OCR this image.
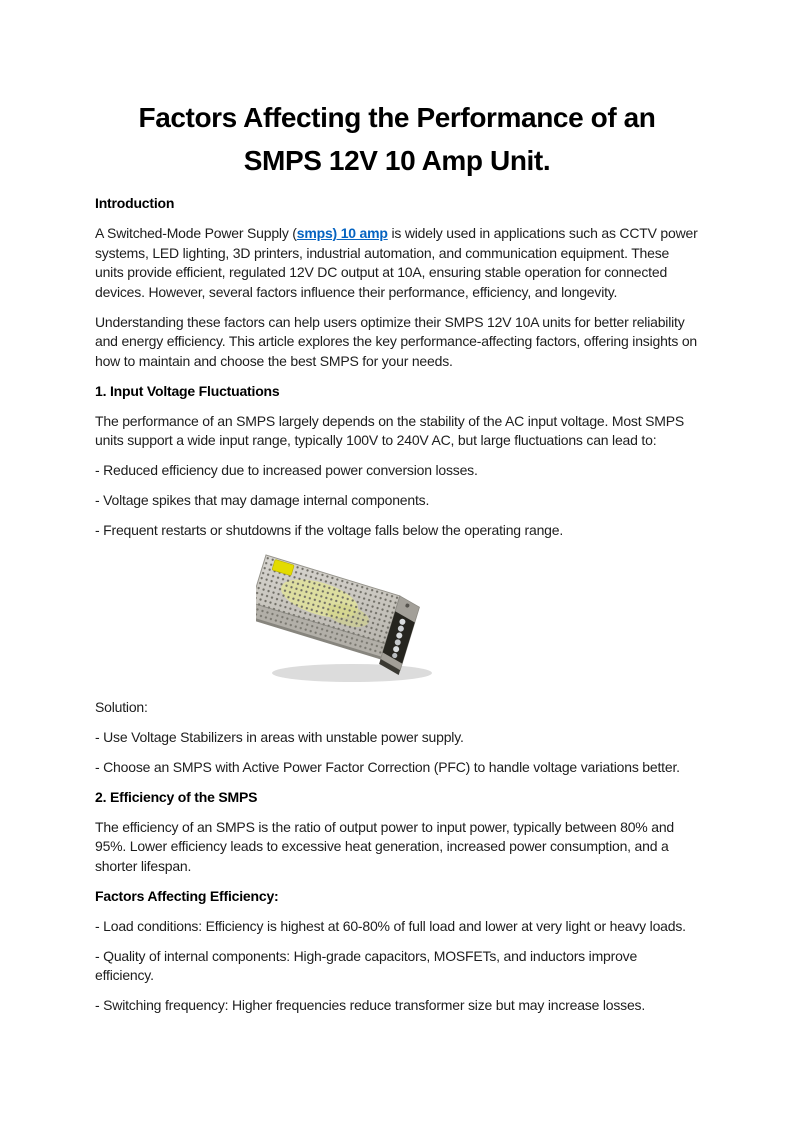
Factors Affecting the Performance of an
SMPS 12V 10 Amp Unit.

Introduction

A Switched-Mode Power Supply (smps) 10 amp is widely used in applications such as CCTV power systems, LED lighting, 3D printers, industrial automation, and communication equipment. These units provide efficient, regulated 12V DC output at 10A, ensuring stable operation for connected devices. However, several factors influence their performance, efficiency, and longevity.

Understanding these factors can help users optimize their SMPS 12V 10A units for better reliability and energy efficiency. This article explores the key performance-affecting factors, offering insights on how to maintain and choose the best SMPS for your needs.

1. Input Voltage Fluctuations

The performance of an SMPS largely depends on the stability of the AC input voltage. Most SMPS units support a wide input range, typically 100V to 240V AC, but large fluctuations can lead to:

- Reduced efficiency due to increased power conversion losses.

- Voltage spikes that may damage internal components.

- Frequent restarts or shutdowns if the voltage falls below the operating range.

Solution:

- Use Voltage Stabilizers in areas with unstable power supply.

- Choose an SMPS with Active Power Factor Correction (PFC) to handle voltage variations better.

2. Efficiency of the SMPS

The efficiency of an SMPS is the ratio of output power to input power, typically between 80% and 95%. Lower efficiency leads to excessive heat generation, increased power consumption, and a shorter lifespan.

Factors Affecting Efficiency:

- Load conditions: Efficiency is highest at 60-80% of full load and lower at very light or heavy loads.

- Quality of internal components: High-grade capacitors, MOSFETs, and inductors improve efficiency.

- Switching frequency: Higher frequencies reduce transformer size but may increase losses.
